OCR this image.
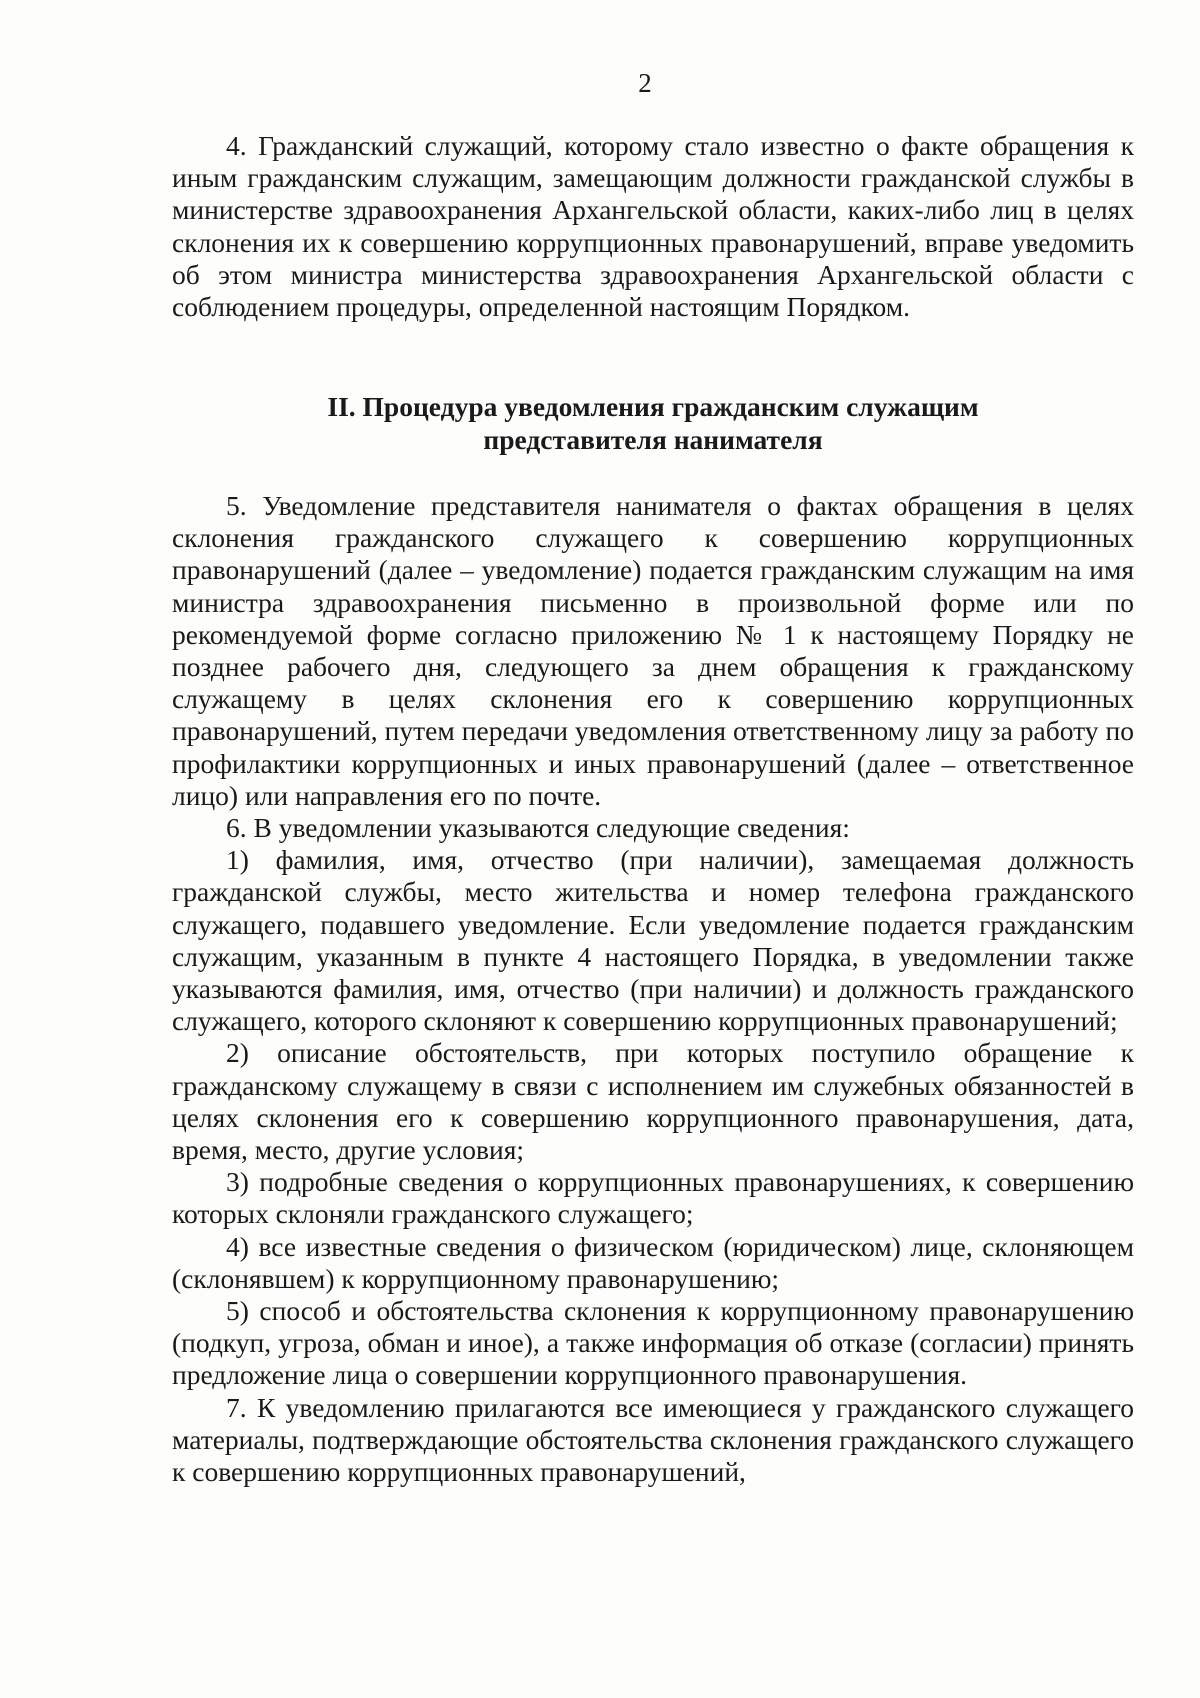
2

4. Гражданский служащий, которому стало известно о факте обращения к иным гражданским служащим, замещающим должности гражданской службы в министерстве здравоохранения Архангельской области, каких-либо лиц в целях склонения их к совершению коррупционных правонарушений, вправе уведомить об этом министра министерства здравоохранения Архангельской области с соблюдением процедуры, определенной настоящим Порядком.

II. Процедура уведомления гражданским служащим
представителя нанимателя

5. Уведомление представителя нанимателя о фактах обращения в целях склонения гражданского служащего к совершению коррупционных правонарушений (далее – уведомление) подается гражданским служащим на имя министра здравоохранения письменно в произвольной форме или по рекомендуемой форме согласно приложению № 1 к настоящему Порядку не позднее рабочего дня, следующего за днем обращения к гражданскому служащему в целях склонения его к совершению коррупционных правонарушений, путем передачи уведомления ответственному лицу за работу по профилактики коррупционных и иных правонарушений (далее – ответственное лицо) или направления его по почте.

6. В уведомлении указываются следующие сведения:

1) фамилия, имя, отчество (при наличии), замещаемая должность гражданской службы, место жительства и номер телефона гражданского служащего, подавшего уведомление. Если уведомление подается гражданским служащим, указанным в пункте 4 настоящего Порядка, в уведомлении также указываются фамилия, имя, отчество (при наличии) и должность гражданского служащего, которого склоняют к совершению коррупционных правонарушений;

2) описание обстоятельств, при которых поступило обращение к гражданскому служащему в связи с исполнением им служебных обязанностей в целях склонения его к совершению коррупционного правонарушения, дата, время, место, другие условия;

3) подробные сведения о коррупционных правонарушениях, к совершению которых склоняли гражданского служащего;

4) все известные сведения о физическом (юридическом) лице, склоняющем (склонявшем) к коррупционному правонарушению;

5) способ и обстоятельства склонения к коррупционному правонарушению (подкуп, угроза, обман и иное), а также информация об отказе (согласии) принять предложение лица о совершении коррупционного правонарушения.

7. К уведомлению прилагаются все имеющиеся у гражданского служащего материалы, подтверждающие обстоятельства склонения гражданского служащего к совершению коррупционных правонарушений,
